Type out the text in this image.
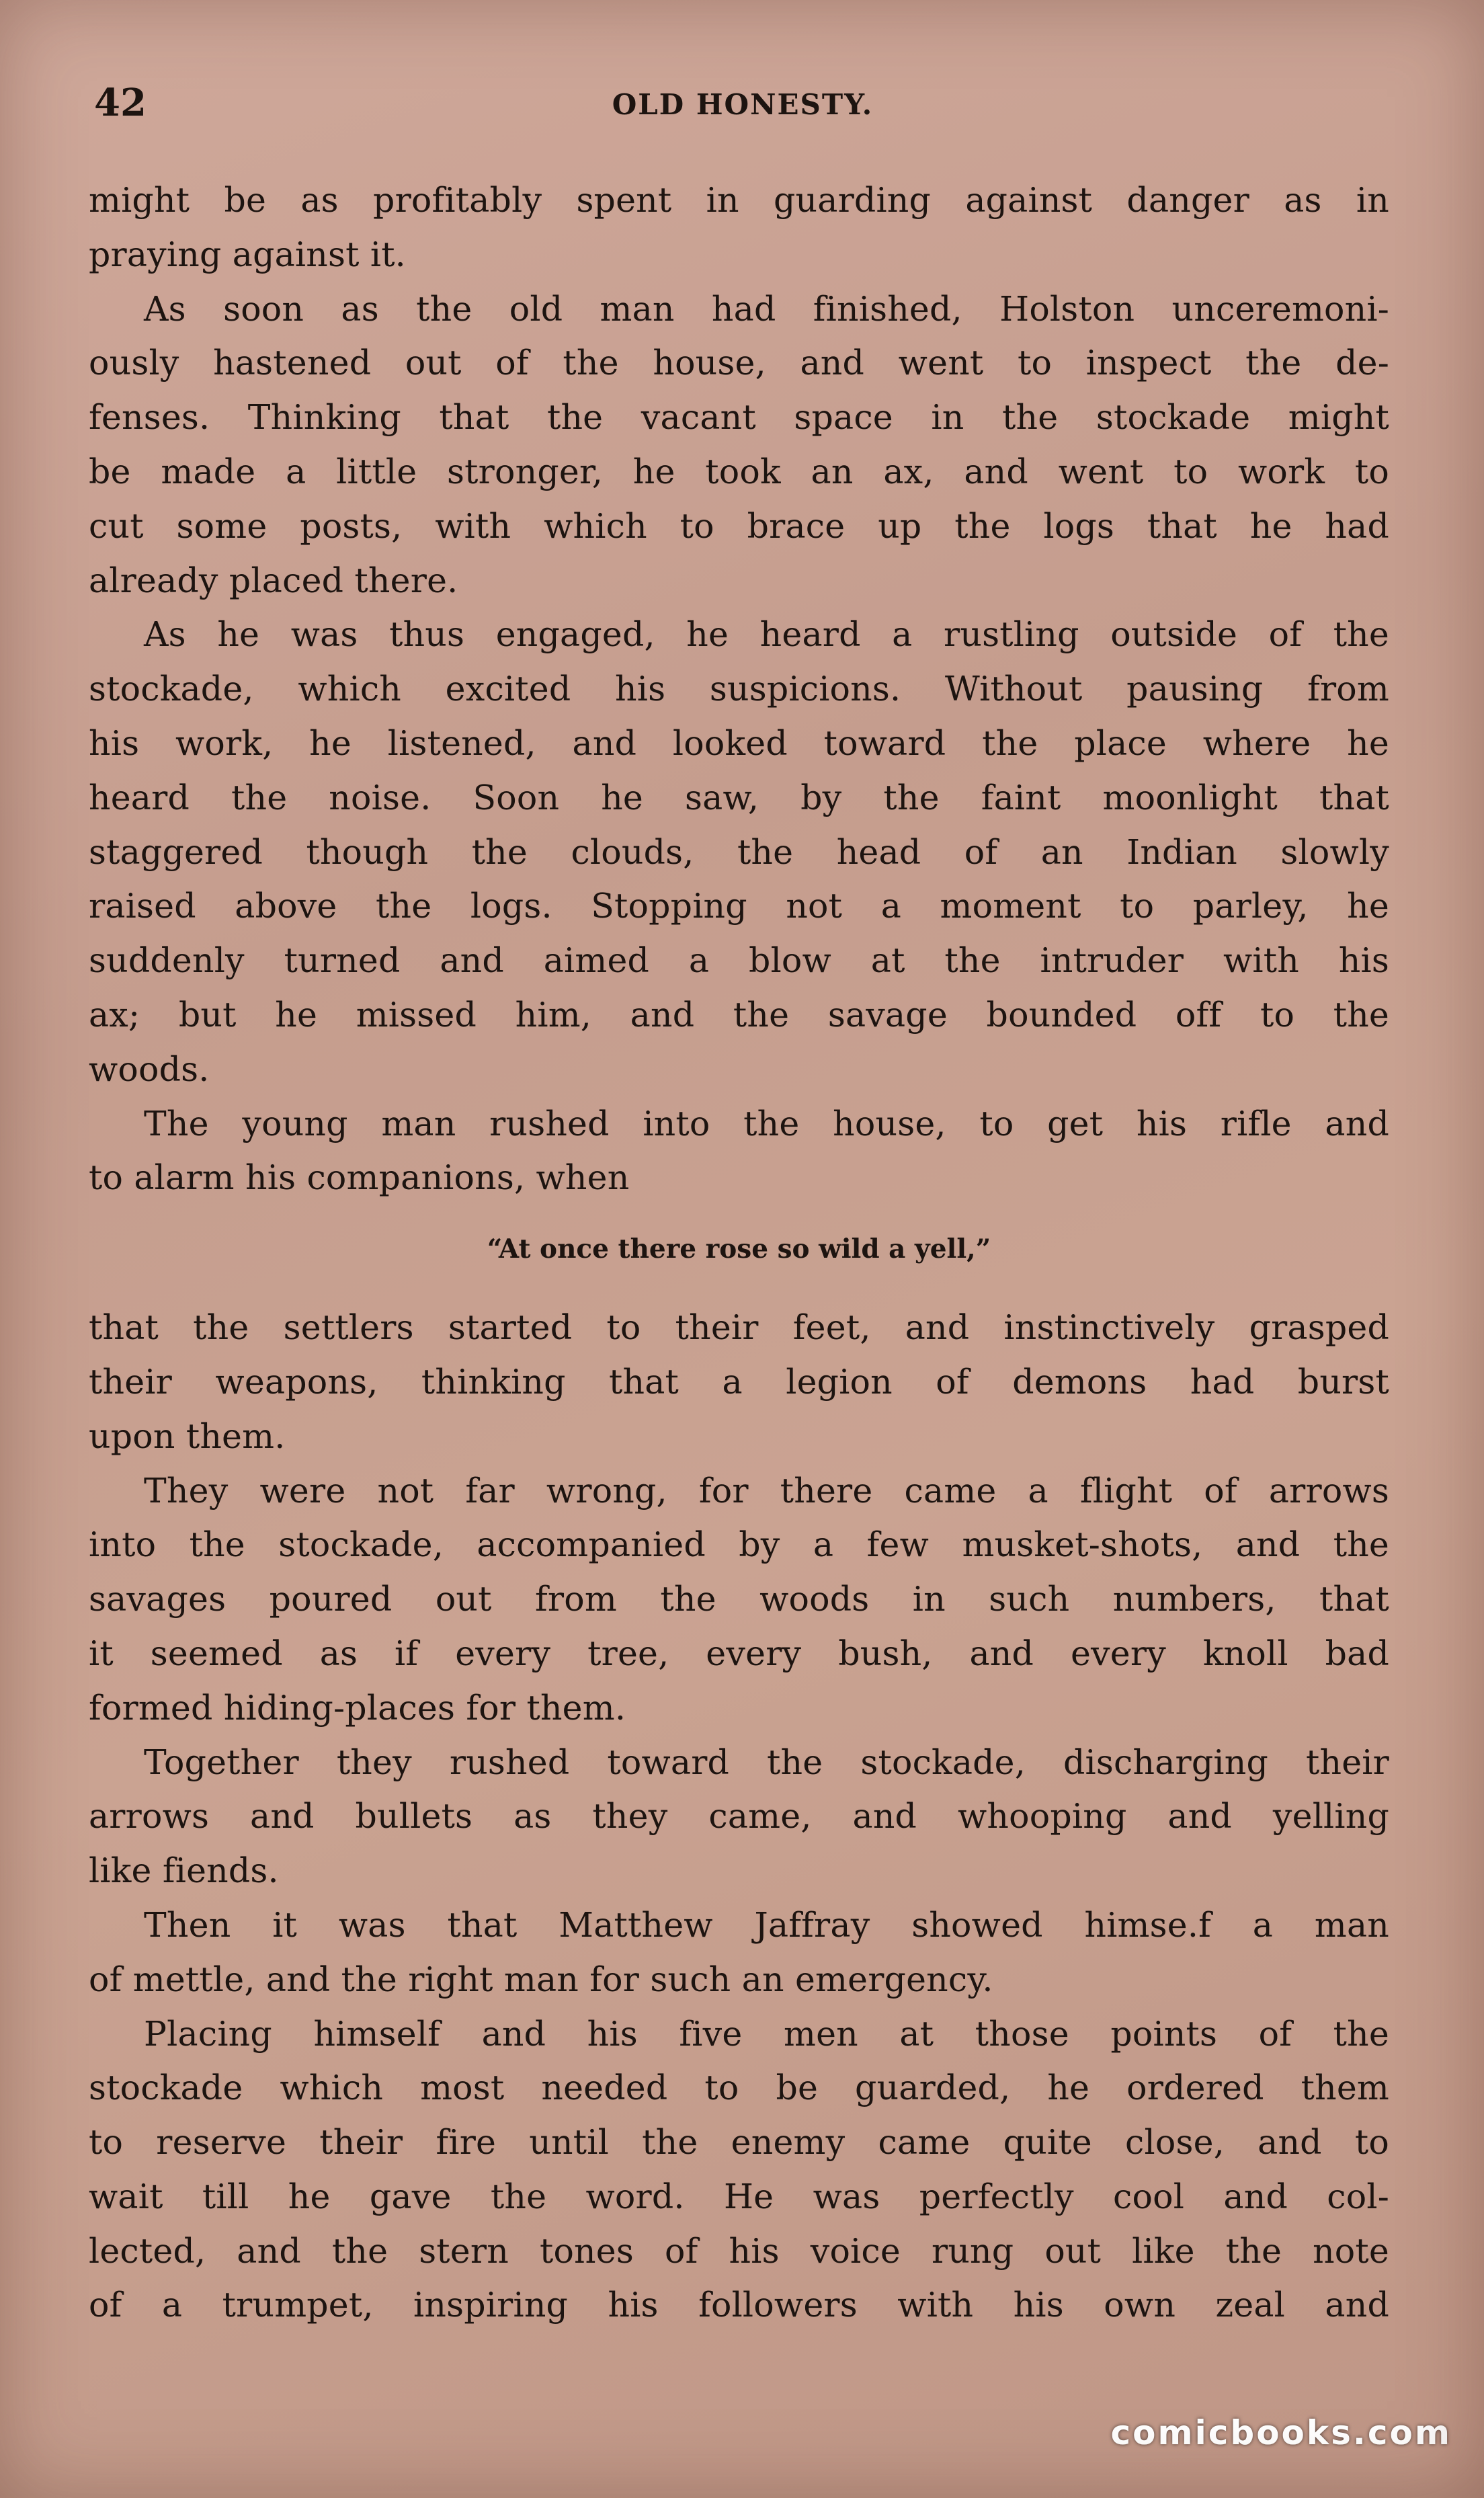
42	OLD HONESTY.
might be as profitably spent in guarding against danger as in
praying against it.
As soon as the old man had finished, Holston unceremoni-
ously hastened out of the house, and went to inspect the de-
fenses. Thinking that the vacant space in the stockade might
be made a little stronger, he took an ax, and went to work to
cut some posts, with which to brace up the logs that he had
already placed there.
As he was thus engaged, he heard a rustling outside of the
stockade, which excited his suspicions. Without pausing from
his work, he listened, and looked toward the place where he
heard the noise. Soon he saw, by the faint moonlight that
staggered though the clouds, the head of an Indian slowly
raised above the logs. Stopping not a moment to parley, he
suddenly turned and aimed a blow at the intruder with his
ax; but he missed him, and the savage bounded off to the
woods.
The young man rushed into the house, to get his rifle and
to alarm his companions, when
“At once there rose so wild a yell,”
that the settlers started to their feet, and instinctively grasped
their weapons, thinking that a legion of demons had burst
upon them.
They were not far wrong, for there came a flight of arrows
into the stockade, accompanied by a few musket-shots, and the
savages poured out from the woods in such numbers, that
it seemed as if every tree, every bush, and every knoll bad
formed hiding-places for them.
Together they rushed toward the stockade, discharging their
arrows and bullets as they came, and whooping and yelling
like fiends.
Then it was that Matthew Jaffray showed himse.f a man
of mettle, and the right man for such an emergency.
Placing himself and his five men at those points of the
stockade which most needed to be guarded, he ordered them
to reserve their fire until the enemy came quite close, and to
wait till he gave the word. He was perfectly cool and col-
lected, and the stern tones of his voice rung out like the note
of a trumpet, inspiring his followers with his own zeal and
comicbooks.com
